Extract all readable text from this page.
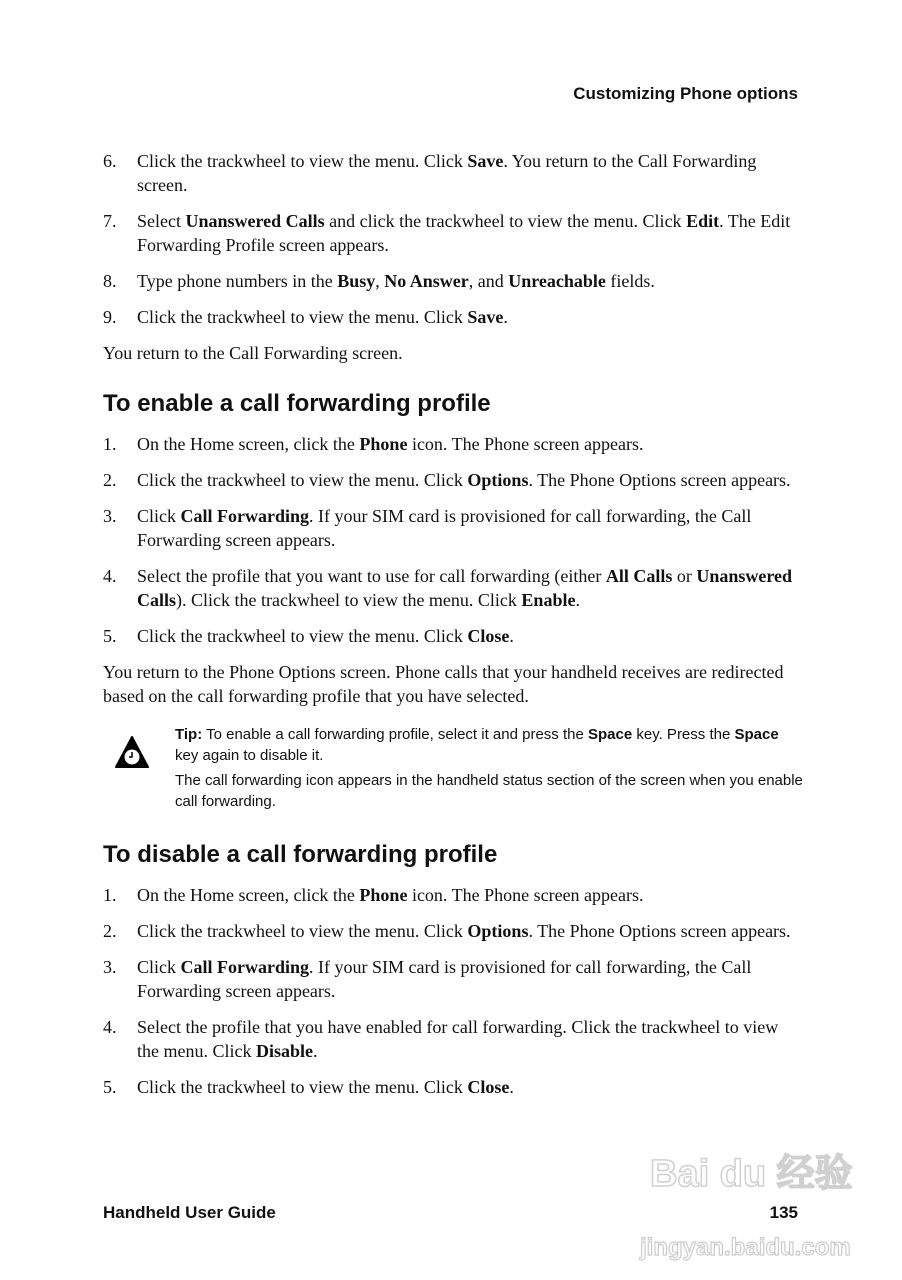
Customizing Phone options
6.	Click the trackwheel to view the menu. Click Save. You return to the Call Forwarding screen.
7.	Select Unanswered Calls and click the trackwheel to view the menu. Click Edit. The Edit Forwarding Profile screen appears.
8.	Type phone numbers in the Busy, No Answer, and Unreachable fields.
9.	Click the trackwheel to view the menu. Click Save.
You return to the Call Forwarding screen.
To enable a call forwarding profile
1.	On the Home screen, click the Phone icon. The Phone screen appears.
2.	Click the trackwheel to view the menu. Click Options. The Phone Options screen appears.
3.	Click Call Forwarding. If your SIM card is provisioned for call forwarding, the Call Forwarding screen appears.
4.	Select the profile that you want to use for call forwarding (either All Calls or Unanswered Calls). Click the trackwheel to view the menu. Click Enable.
5.	Click the trackwheel to view the menu. Click Close.
You return to the Phone Options screen. Phone calls that your handheld receives are redirected based on the call forwarding profile that you have selected.

Tip: To enable a call forwarding profile, select it and press the Space key. Press the Space key again to disable it.

The call forwarding icon appears in the handheld status section of the screen when you enable call forwarding.

To disable a call forwarding profile
1.	On the Home screen, click the Phone icon. The Phone screen appears.
2.	Click the trackwheel to view the menu. Click Options. The Phone Options screen appears.
3.	Click Call Forwarding. If your SIM card is provisioned for call forwarding, the Call Forwarding screen appears.
4.	Select the profile that you have enabled for call forwarding. Click the trackwheel to view the menu. Click Disable.
5.	Click the trackwheel to view the menu. Click Close.
Bai du 经验
jingyan.baidu.com
Handheld User Guide	135
